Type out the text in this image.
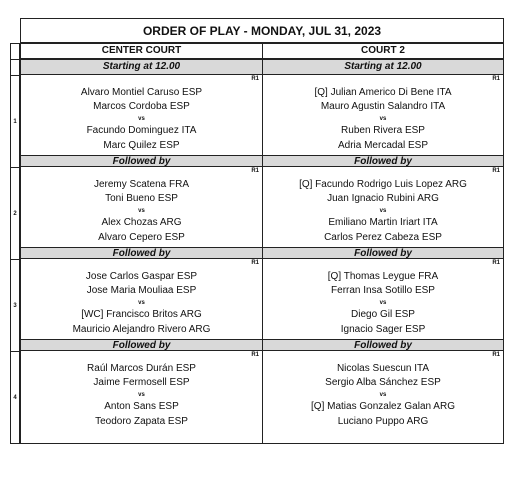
ORDER OF PLAY - MONDAY, JUL 31, 2023
CENTER COURT	COURT 2
Starting at 12.00	Starting at 12.00
1
R1
Alvaro Montiel Caruso ESP
Marcos Cordoba ESP
vs
Facundo Dominguez ITA
Marc Quilez ESP
Followed by
R1
[Q] Julian Americo Di Bene ITA
Mauro Agustin Salandro ITA
vs
Ruben Rivera ESP
Adria Mercadal ESP
Followed by
2
R1
Jeremy Scatena FRA
Toni Bueno ESP
vs
Alex Chozas ARG
Alvaro Cepero ESP
Followed by
R1
[Q] Facundo Rodrigo Luis Lopez ARG
Juan Ignacio Rubini ARG
vs
Emiliano Martin Iriart ITA
Carlos Perez Cabeza ESP
Followed by
3
R1
Jose Carlos Gaspar ESP
Jose Maria Mouliaa ESP
vs
[WC] Francisco Britos ARG
Mauricio Alejandro Rivero ARG
Followed by
R1
[Q] Thomas Leygue FRA
Ferran Insa Sotillo ESP
vs
Diego Gil ESP
Ignacio Sager ESP
Followed by
4
R1
Raúl Marcos Durán ESP
Jaime Fermosell ESP
vs
Anton Sans ESP
Teodoro Zapata ESP
R1
Nicolas Suescun ITA
Sergio Alba Sánchez ESP
vs
[Q] Matias Gonzalez Galan ARG
Luciano Puppo ARG
